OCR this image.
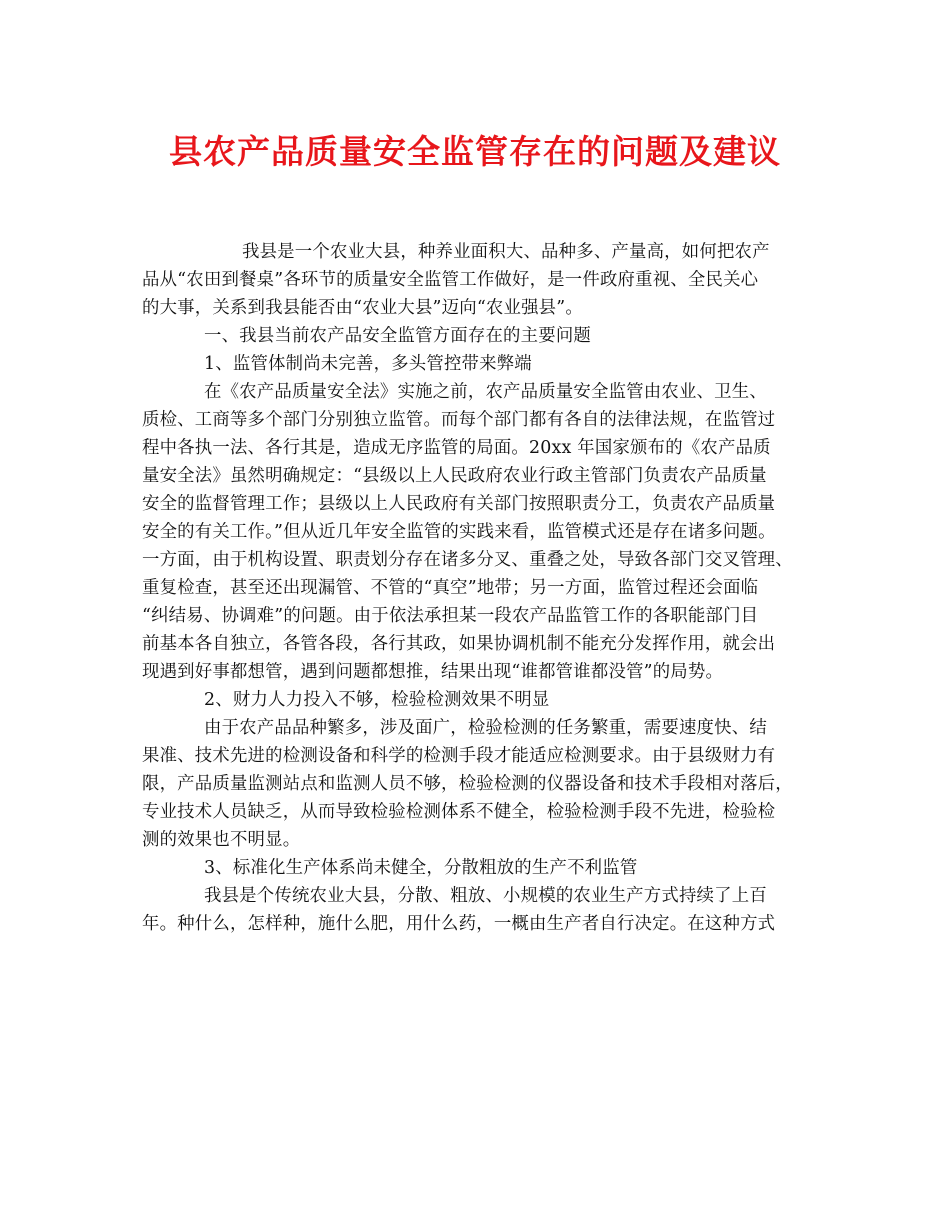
县农产品质量安全监管存在的问题及建议
我县是一个农业大县，种养业面积大、品种多、产量高，如何把农产
品从“农田到餐桌”各环节的质量安全监管工作做好，是一件政府重视、全民关心
的大事，关系到我县能否由“农业大县”迈向“农业强县”。
一、我县当前农产品安全监管方面存在的主要问题
1、监管体制尚未完善，多头管控带来弊端
在《农产品质量安全法》实施之前，农产品质量安全监管由农业、卫生、
质检、工商等多个部门分别独立监管。而每个部门都有各自的法律法规，在监管过
程中各执一法、各行其是，造成无序监管的局面。20xx 年国家颁布的《农产品质
量安全法》虽然明确规定：“县级以上人民政府农业行政主管部门负责农产品质量
安全的监督管理工作；县级以上人民政府有关部门按照职责分工，负责农产品质量
安全的有关工作。”但从近几年安全监管的实践来看，监管模式还是存在诸多问题。
一方面，由于机构设置、职责划分存在诸多分叉、重叠之处，导致各部门交叉管理、
重复检查，甚至还出现漏管、不管的“真空”地带；另一方面，监管过程还会面临
“纠结易、协调难”的问题。由于依法承担某一段农产品监管工作的各职能部门目
前基本各自独立，各管各段，各行其政，如果协调机制不能充分发挥作用，就会出
现遇到好事都想管，遇到问题都想推，结果出现“谁都管谁都没管”的局势。
2、财力人力投入不够，检验检测效果不明显
由于农产品品种繁多，涉及面广，检验检测的任务繁重，需要速度快、结
果准、技术先进的检测设备和科学的检测手段才能适应检测要求。由于县级财力有
限，产品质量监测站点和监测人员不够，检验检测的仪器设备和技术手段相对落后，
专业技术人员缺乏，从而导致检验检测体系不健全，检验检测手段不先进，检验检
测的效果也不明显。
3、标准化生产体系尚未健全，分散粗放的生产不利监管
我县是个传统农业大县，分散、粗放、小规模的农业生产方式持续了上百
年。种什么，怎样种，施什么肥，用什么药，一概由生产者自行决定。在这种方式
